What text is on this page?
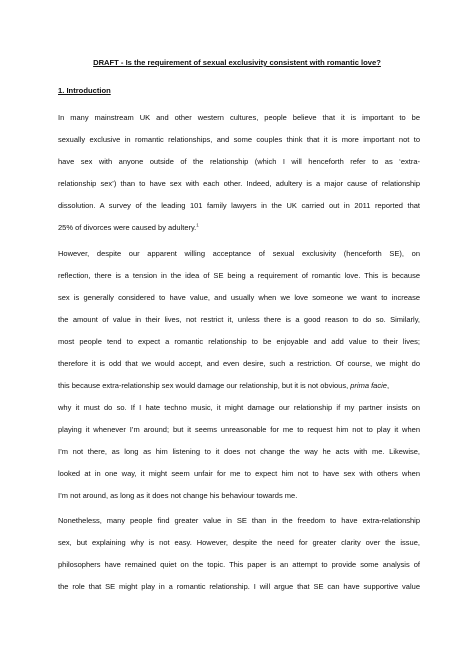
DRAFT - Is the requirement of sexual exclusivity consistent with romantic love?
1. Introduction
In many mainstream UK and other western cultures, people believe that it is important to be
sexually exclusive in romantic relationships, and some couples think that it is more important not to
have sex with anyone outside of the relationship (which I will henceforth refer to as ‘extra-
relationship sex’) than to have sex with each other. Indeed, adultery is a major cause of relationship
dissolution. A survey of the leading 101 family lawyers in the UK carried out in 2011 reported that
25% of divorces were caused by adultery.$^1$
However, despite our apparent willing acceptance of sexual exclusivity (henceforth SE), on
reflection, there is a tension in the idea of SE being a requirement of romantic love. This is because
sex is generally considered to have value, and usually when we love someone we want to increase
the amount of value in their lives, not restrict it, unless there is a good reason to do so. Similarly,
most people tend to expect a romantic relationship to be enjoyable and add value to their lives;
therefore it is odd that we would accept, and even desire, such a restriction. Of course, we might do
this because extra-relationship sex would damage our relationship, but it is not obvious, prima facie,
why it must do so. If I hate techno music, it might damage our relationship if my partner insists on
playing it whenever I’m around; but it seems unreasonable for me to request him not to play it when
I’m not there, as long as him listening to it does not change the way he acts with me. Likewise,
looked at in one way, it might seem unfair for me to expect him not to have sex with others when
I’m not around, as long as it does not change his behaviour towards me.
Nonetheless, many people find greater value in SE than in the freedom to have extra-relationship
sex, but explaining why is not easy. However, despite the need for greater clarity over the issue,
philosophers have remained quiet on the topic. This paper is an attempt to provide some analysis of
the role that SE might play in a romantic relationship. I will argue that SE can have supportive value
